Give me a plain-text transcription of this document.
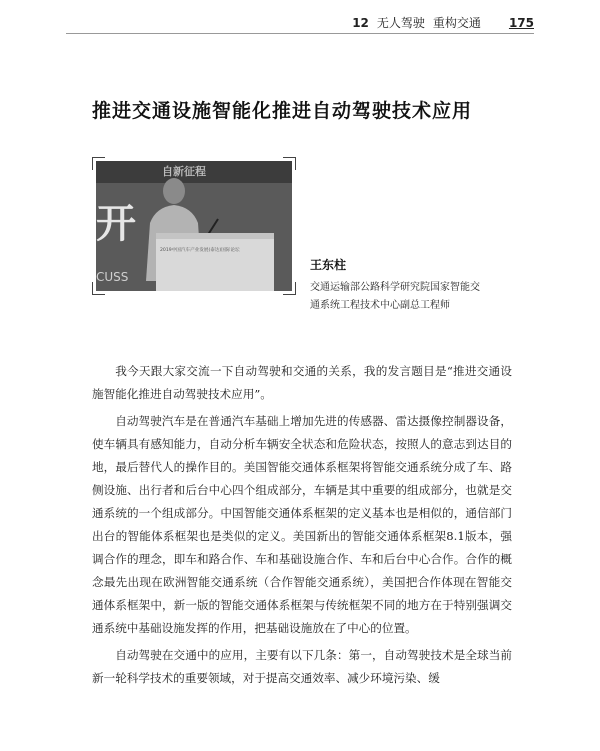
12 无人驾驶 重构交通 175
推进交通设施智能化推进自动驾驶技术应用
自新征程
开
CUSS
2019中国汽车产业发展(泰达)国际论坛
王东柱
交通运输部公路科学研究院国家智能交
通系统工程技术中心副总工程师

我今天跟大家交流一下自动驾驶和交通的关系，我的发言题目是“推进交通设施智能化推进自动驾驶技术应用”。

自动驾驶汽车是在普通汽车基础上增加先进的传感器、雷达摄像控制器设备，使车辆具有感知能力，自动分析车辆安全状态和危险状态，按照人的意志到达目的地，最后替代人的操作目的。美国智能交通体系框架将智能交通系统分成了车、路侧设施、出行者和后台中心四个组成部分，车辆是其中重要的组成部分，也就是交通系统的一个组成部分。中国智能交通体系框架的定义基本也是相似的，通信部门出台的智能体系框架也是类似的定义。美国新出的智能交通体系框架8.1版本，强调合作的理念，即车和路合作、车和基础设施合作、车和后台中心合作。合作的概念最先出现在欧洲智能交通系统（合作智能交通系统），美国把合作体现在智能交通体系框架中，新一版的智能交通体系框架与传统框架不同的地方在于特别强调交通系统中基础设施发挥的作用，把基础设施放在了中心的位置。

自动驾驶在交通中的应用，主要有以下几条：第一，自动驾驶技术是全球当前新一轮科学技术的重要领域，对于提高交通效率、减少环境污染、缓
